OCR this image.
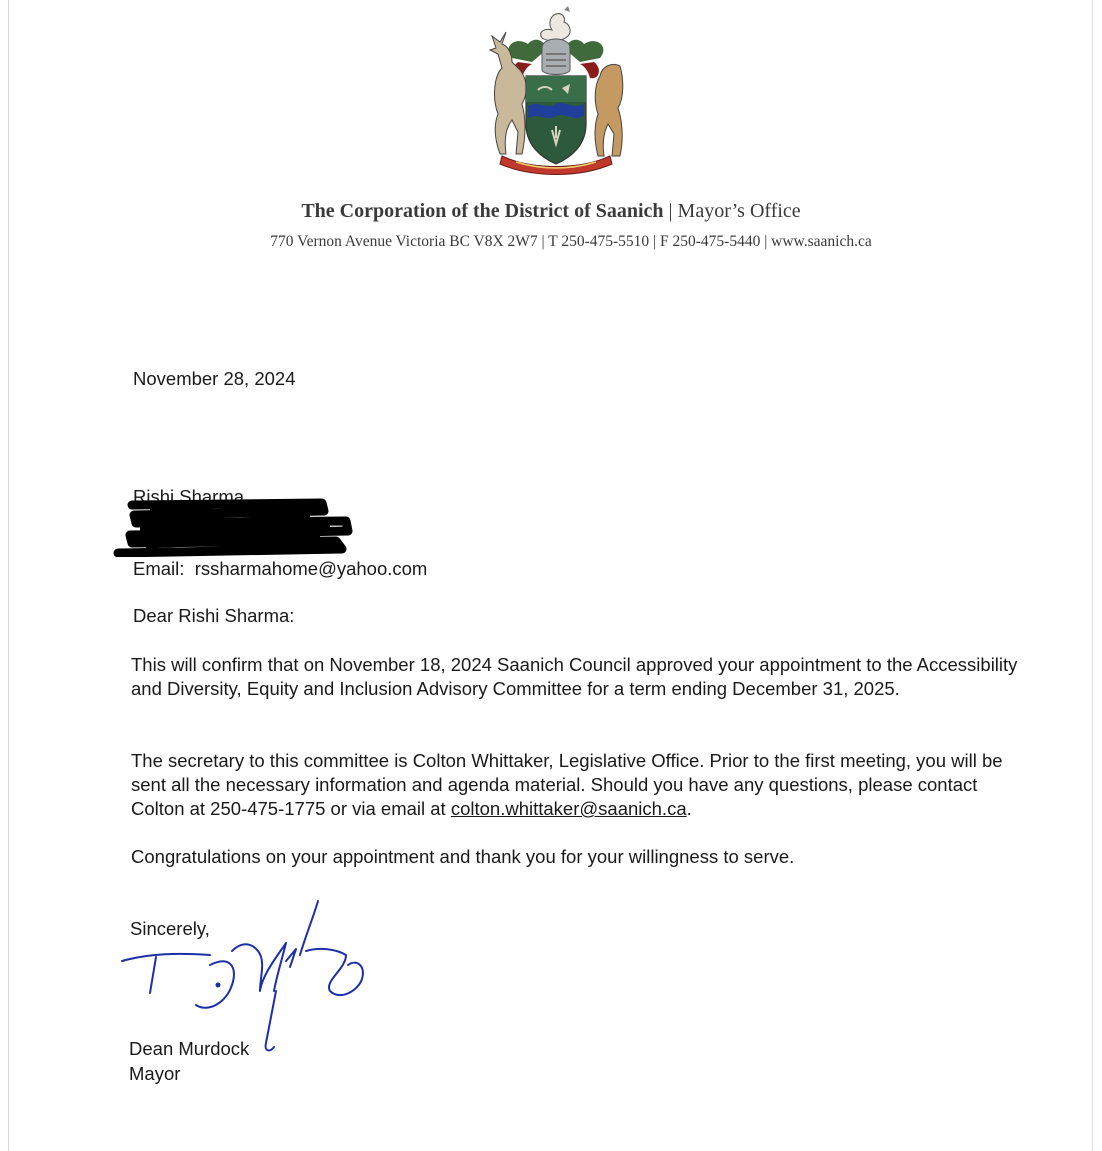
The Corporation of the District of Saanich | Mayor’s Office
770 Vernon Avenue Victoria BC V8X 2W7 | T 250-475-5510 | F 250-475-5440 | www.saanich.ca
November 28, 2024
Rishi Sharma
Email: rssharmahome@yahoo.com
Dear Rishi Sharma:
This will confirm that on November 18, 2024 Saanich Council approved your appointment to the Accessibility and Diversity, Equity and Inclusion Advisory Committee for a term ending December 31, 2025.
The secretary to this committee is Colton Whittaker, Legislative Office. Prior to the first meeting, you will be sent all the necessary information and agenda material. Should you have any questions, please contact Colton at 250-475-1775 or via email at colton.whittaker@saanich.ca.
Congratulations on your appointment and thank you for your willingness to serve.
Sincerely,
Dean Murdock
Mayor
